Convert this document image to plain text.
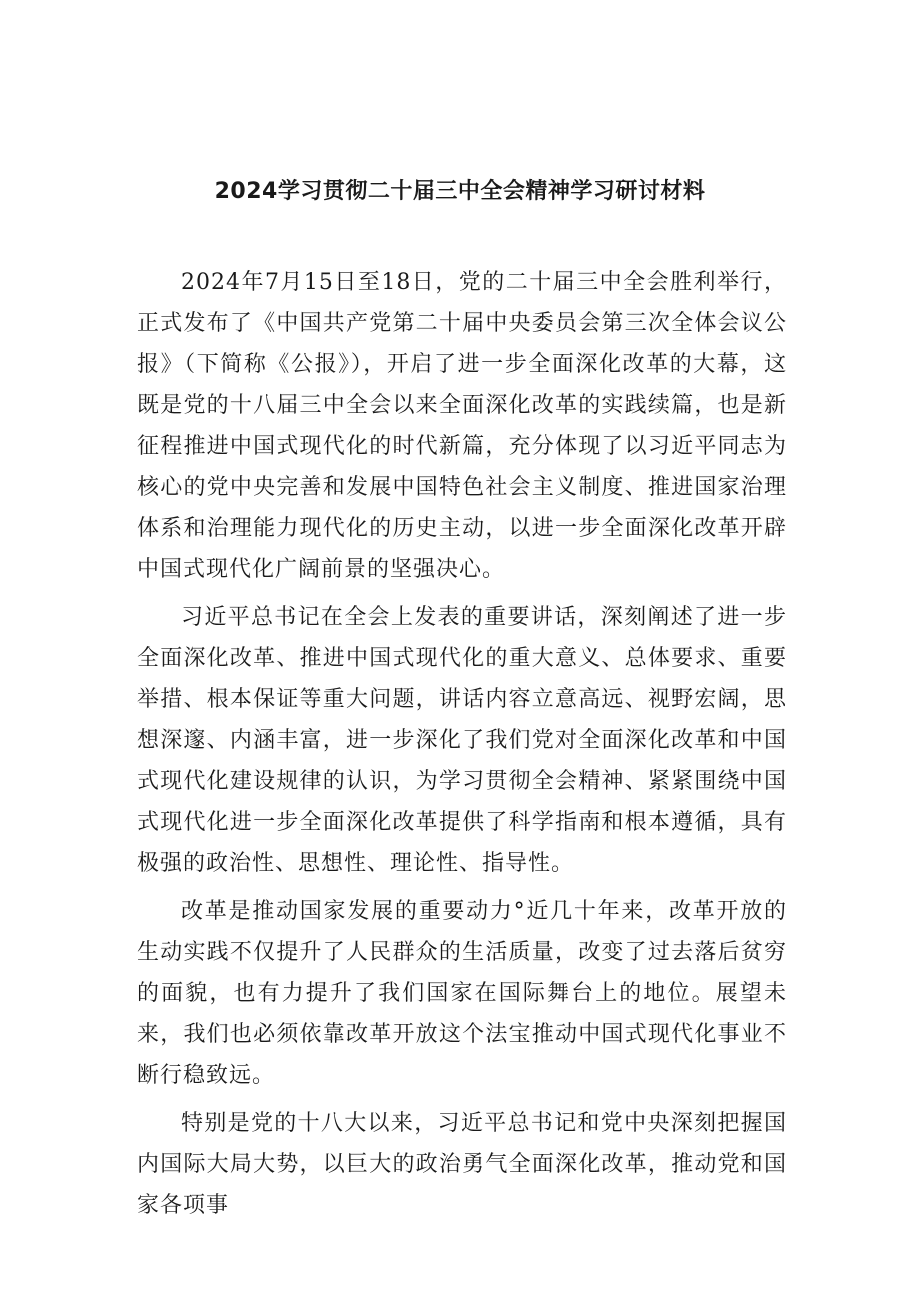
2024学习贯彻二十届三中全会精神学习研讨材料

2024年7月15日至18日，党的二十届三中全会胜利举行，正式发布了《中国共产党第二十届中央委员会第三次全体会议公报》（下简称《公报》），开启了进一步全面深化改革的大幕，这既是党的十八届三中全会以来全面深化改革的实践续篇，也是新征程推进中国式现代化的时代新篇，充分体现了以习近平同志为核心的党中央完善和发展中国特色社会主义制度、推进国家治理体系和治理能力现代化的历史主动，以进一步全面深化改革开辟中国式现代化广阔前景的坚强决心。

习近平总书记在全会上发表的重要讲话，深刻阐述了进一步全面深化改革、推进中国式现代化的重大意义、总体要求、重要举措、根本保证等重大问题，讲话内容立意高远、视野宏阔，思想深邃、内涵丰富，进一步深化了我们党对全面深化改革和中国式现代化建设规律的认识，为学习贯彻全会精神、紧紧围绕中国式现代化进一步全面深化改革提供了科学指南和根本遵循，具有极强的政治性、思想性、理论性、指导性。

改革是推动国家发展的重要动力°近几十年来，改革开放的生动实践不仅提升了人民群众的生活质量，改变了过去落后贫穷的面貌，也有力提升了我们国家在国际舞台上的地位。展望未来，我们也必须依靠改革开放这个法宝推动中国式现代化事业不断行稳致远。

特别是党的十八大以来，习近平总书记和党中央深刻把握国内国际大局大势，以巨大的政治勇气全面深化改革，推动党和国家各项事
